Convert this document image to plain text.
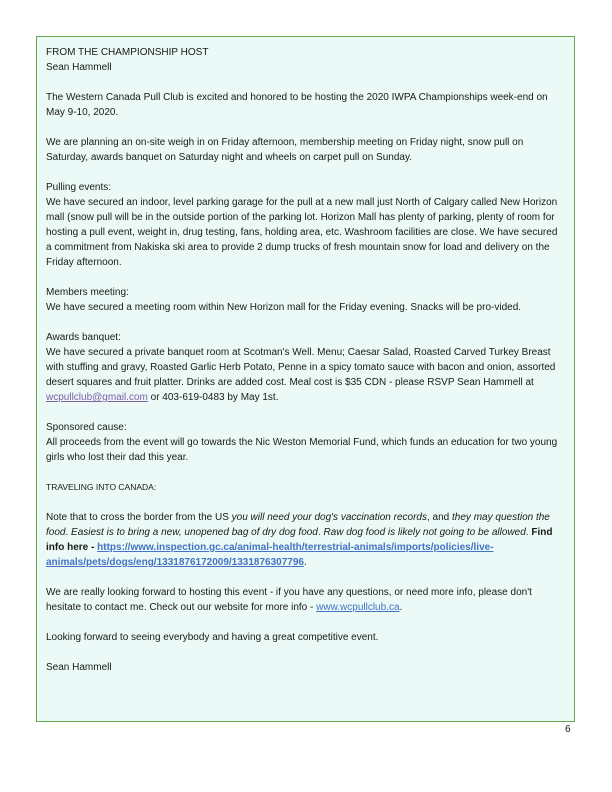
FROM THE CHAMPIONSHIP HOST

Sean Hammell

The Western Canada Pull Club is excited and honored to be hosting the 2020 IWPA Championships week-end on May 9-10, 2020.

We are planning an on-site weigh in on Friday afternoon, membership meeting on Friday night, snow pull on Saturday, awards banquet on Saturday night and wheels on carpet pull on Sunday.

Pulling events:

We have secured an indoor, level parking garage for the pull at a new mall just North of Calgary called New Horizon mall (snow pull will be in the outside portion of the parking lot. Horizon Mall has plenty of parking, plenty of room for hosting a pull event, weight in, drug testing, fans, holding area, etc. Washroom facilities are close. We have secured a commitment from Nakiska ski area to provide 2 dump trucks of fresh mountain snow for load and delivery on the Friday afternoon.

Members meeting:

We have secured a meeting room within New Horizon mall for the Friday evening. Snacks will be pro-vided.

Awards banquet:

We have secured a private banquet room at Scotman's Well. Menu; Caesar Salad, Roasted Carved Turkey Breast with stuffing and gravy, Roasted Garlic Herb Potato, Penne in a spicy tomato sauce with bacon and onion, assorted desert squares and fruit platter. Drinks are added cost. Meal cost is $35 CDN - please RSVP Sean Hammell at wcpullclub@gmail.com or 403-619-0483 by May 1st.

Sponsored cause:

All proceeds from the event will go towards the Nic Weston Memorial Fund, which funds an education for two young girls who lost their dad this year.

TRAVELING INTO CANADA:

Note that to cross the border from the US you will need your dog's vaccination records, and they may question the food. Easiest is to bring a new, unopened bag of dry dog food. Raw dog food is likely not going to be allowed. Find info here - https://www.inspection.gc.ca/animal-health/terrestrial-animals/imports/policies/live-animals/pets/dogs/eng/1331876172009/1331876307796.

We are really looking forward to hosting this event - if you have any questions, or need more info, please don't hesitate to contact me. Check out our website for more info - www.wcpullclub.ca.

Looking forward to seeing everybody and having a great competitive event.

Sean Hammell

6
